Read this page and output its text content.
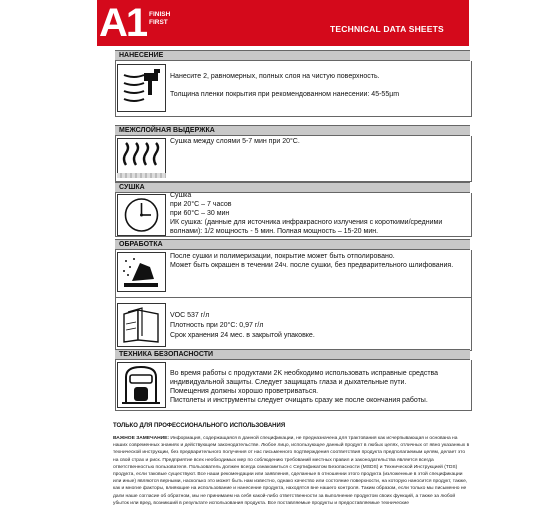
A1 FINISH
FIRST
TECHNICAL DATA SHEETS
НАНЕСЕНИЕ
Нанесите 2, равномерных, полных слоя на чистую поверхность.
Толщина пленки покрытия при рекомендованном нанесении: 45-55µm
МЕЖСЛОЙНАЯ ВЫДЕРЖКА
Сушка между слоями 5-7 мин при 20°C.
СУШКА
Сушка
при 20°C – 7 часов
при 60°C – 30 мин
ИК сушка: (данные для источника инфракрасного излучения с короткими/средними
волнами): 1/2 мощность - 5 мин. Полная мощность – 15-20 мин.
ОБРАБОТКА
После сушки и полимеризации, покрытие может быть отполировано.
Может быть окрашен в течении 24ч. после сушки, без предварительного шлифования.
VOC 537 г/л
Плотность при 20°C: 0,97 г/л
Срок хранения 24 мес. в закрытой упаковке.
ТЕХНИКА БЕЗОПАСНОСТИ
Во время работы с продуктами 2K необходимо использовать исправные средства
индивидуальной защиты. Следует защищать глаза и дыхательные пути.
Помещения должны хорошо проветриваться.
Пистолеты и инструменты следует очищать сразу же после окончания работы.
ТОЛЬКО ДЛЯ ПРОФЕССИОНАЛЬНОГО ИСПОЛЬЗОВАНИЯ
ВАЖНОЕ ЗАМЕЧАНИЕ: Информация, содержащаяся в данной спецификации, не предназначена для трактования как исчерпывающая и основана на наших современных знаниях и действующем законодательстве. Любое лицо, использующее данный продукт в любых целях, отличных от явно указанных в технической инструкции, без предварительного получения от нас письменного подтверждения соответствия продукта предполагаемым целям, делает это на свой страх и риск. Предприятие всех необходимых мер по соблюдению требований местных правил и законодательства является всегда ответственностью пользователя. Пользователь должен всегда ознакомиться с Сертификатом Безопасности (MSDS) и Технической Инструкцией (TDS) продукта, если таковые существуют. Все наши рекомендации или заявления, сделанные в отношении этого продукта (изложенные в этой спецификации или иные) являются верными, насколько это может быть нам известно, однако качество или состояние поверхности, на которую наносится продукт, также, как и многие факторы, влияющие на использование и нанесение продукта, находятся вне нашего контроля. Таким образом, если только мы письменно не дали наше согласие об обратном, мы не принимаем на себя какой-либо ответственности за выполнение продуктом своих функций, а также за любой убыток или вред, возникший в результате использования продукта. Все поставляемые продукты и предоставляемые технические
